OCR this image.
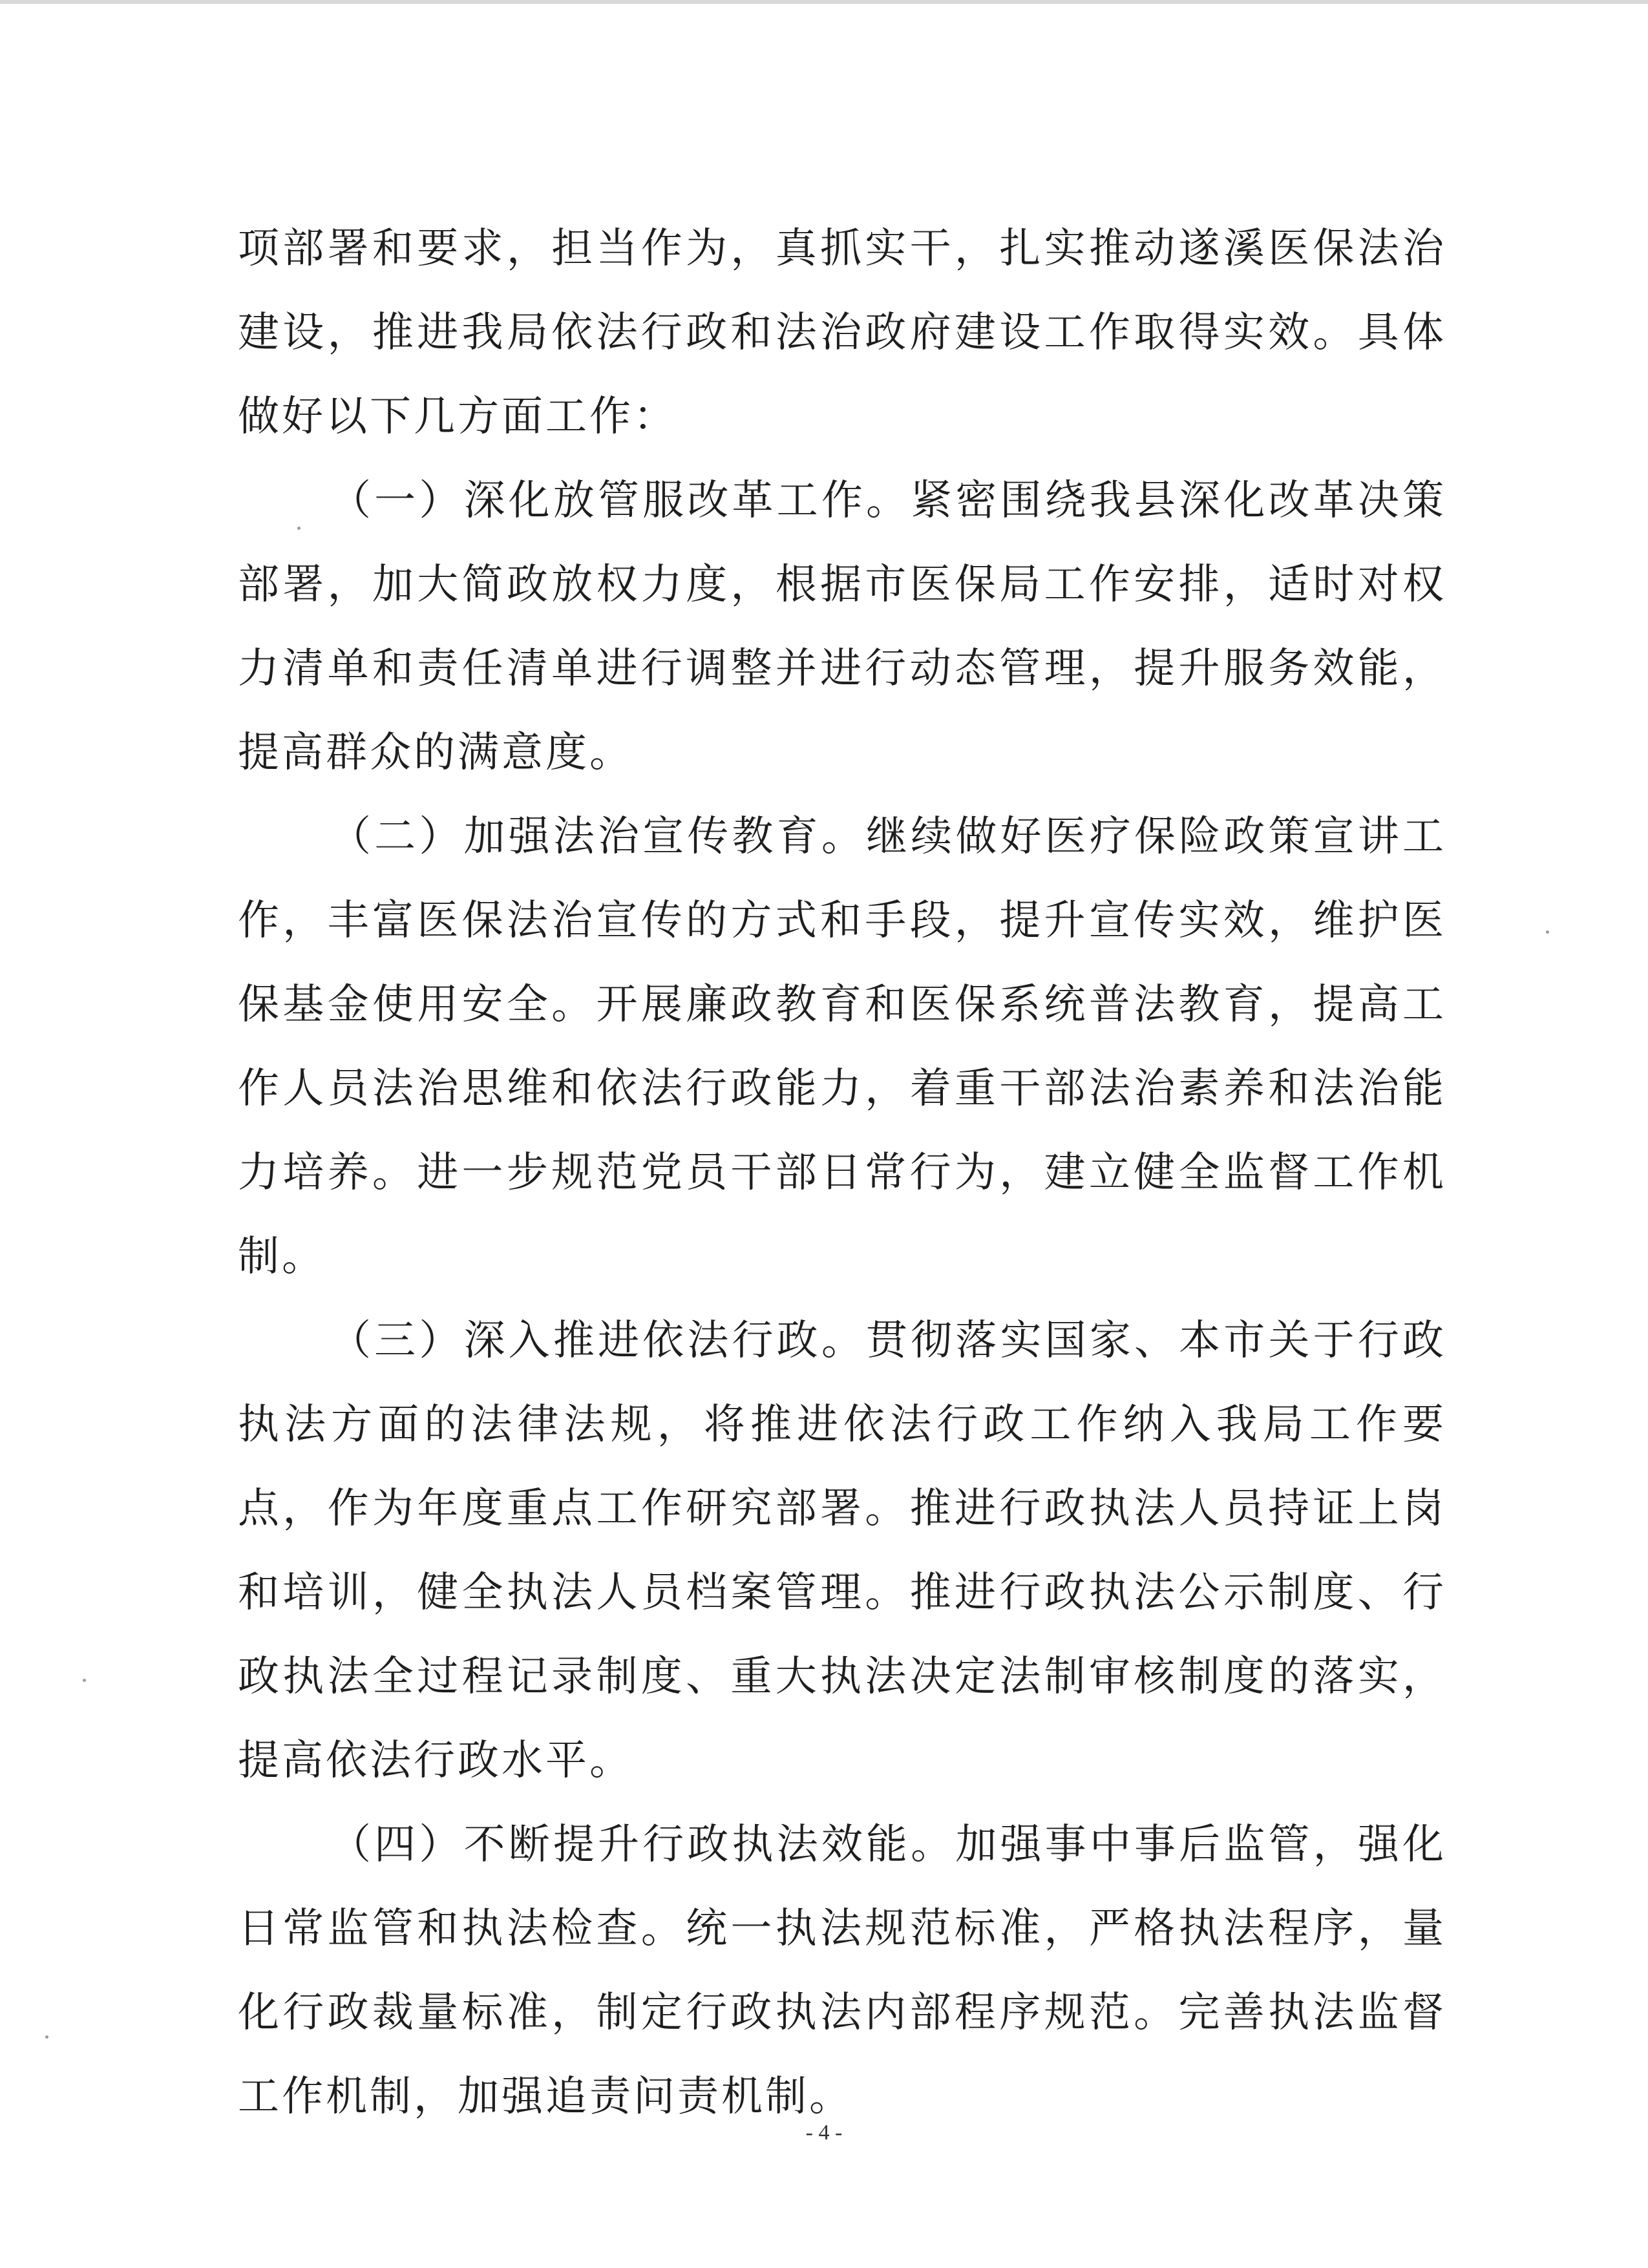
项部署和要求，担当作为，真抓实干，扎实推动遂溪医保法治建设，推进我局依法行政和法治政府建设工作取得实效。具体做好以下几方面工作：

（一）深化放管服改革工作。紧密围绕我县深化改革决策部署，加大简政放权力度，根据市医保局工作安排，适时对权力清单和责任清单进行调整并进行动态管理，提升服务效能，提高群众的满意度。

（二）加强法治宣传教育。继续做好医疗保险政策宣讲工作，丰富医保法治宣传的方式和手段，提升宣传实效，维护医保基金使用安全。开展廉政教育和医保系统普法教育，提高工作人员法治思维和依法行政能力，着重干部法治素养和法治能力培养。进一步规范党员干部日常行为，建立健全监督工作机制。

（三）深入推进依法行政。贯彻落实国家、本市关于行政执法方面的法律法规，将推进依法行政工作纳入我局工作要点，作为年度重点工作研究部署。推进行政执法人员持证上岗和培训，健全执法人员档案管理。推进行政执法公示制度、行政执法全过程记录制度、重大执法决定法制审核制度的落实，提高依法行政水平。

（四）不断提升行政执法效能。加强事中事后监管，强化日常监管和执法检查。统一执法规范标准，严格执法程序，量化行政裁量标准，制定行政执法内部程序规范。完善执法监督工作机制，加强追责问责机制。

- 4 -
